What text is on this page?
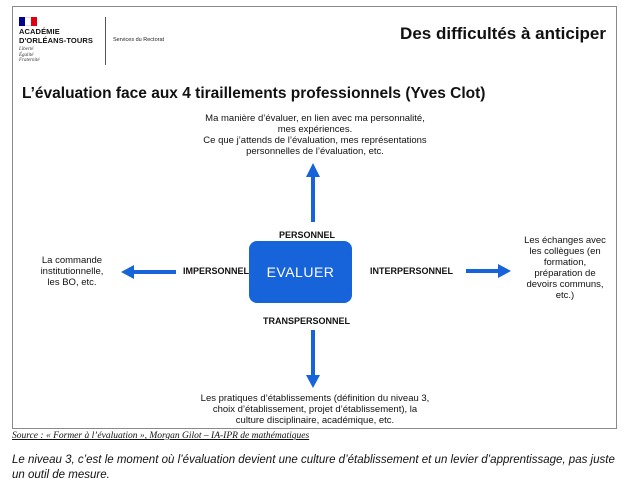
ACADÉMIE
D'ORLÉANS-TOURS
Liberté
Égalité
Fraternité
Services du Rectorat	Des difficultés à anticiper
L’évaluation face aux 4 tiraillements professionnels (Yves Clot)
Ma manière d’évaluer, en lien avec ma personnalité,
mes expériences.
Ce que j’attends de l’évaluation, mes représentations
personnelles de l’évaluation, etc.
PERSONNEL
IMPERSONNEL	INTERPERSONNEL
TRANSPERSONNEL
EVALUER
La commande
institutionnelle,
les BO, etc.
Les échanges avec
les collègues (en
formation,
préparation de
devoirs communs,
etc.)
Les pratiques d’établissements (définition du niveau 3,
choix d’établissement, projet d’établissement), la
culture disciplinaire, académique, etc.
Source : « Former à l’évaluation », Morgan Gilot – IA-IPR de mathématiques
Le niveau 3, c’est le moment où l’évaluation devient une culture d’établissement et un levier d’apprentissage, pas juste un outil de mesure.
